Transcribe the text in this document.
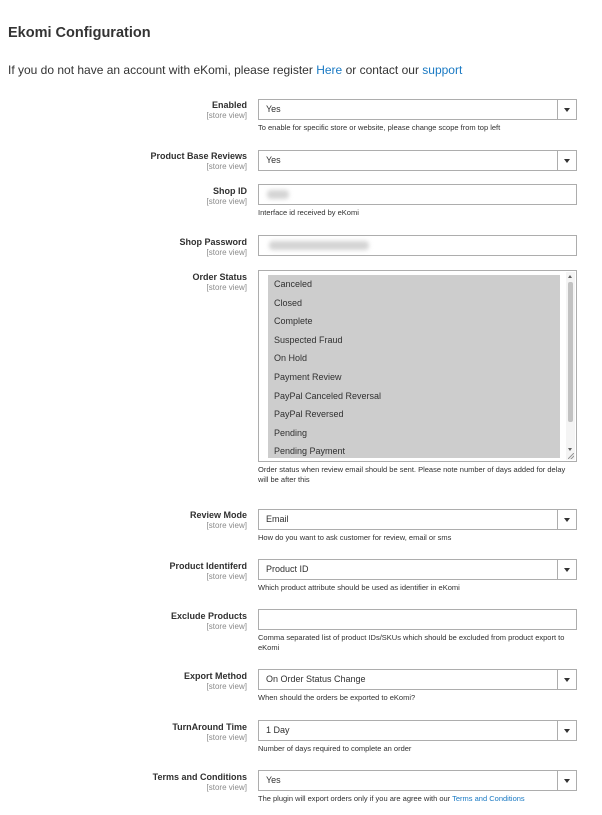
Ekomi Configuration
If you do not have an account with eKomi, please register Here or contact our support
Enabled
[store view]
Yes
To enable for specific store or website, please change scope from top left
Product Base Reviews
[store view]
Yes
Shop ID
[store view]
Interface id received by eKomi
Shop Password
[store view]
Order Status
[store view]	Canceled
Closed
Complete
Suspected Fraud
On Hold
Payment Review
PayPal Canceled Reversal
PayPal Reversed
Pending
Pending Payment
Order status when review email should be sent. Please note number of days added for delay will be after this
Review Mode
[store view]
Email
How do you want to ask customer for review, email or sms
Product Identiferd
[store view]
Product ID
Which product attribute should be used as identifier in eKomi
Exclude Products
[store view]
Comma separated list of product IDs/SKUs which should be excluded from product export to eKomi
Export Method
[store view]
On Order Status Change
When should the orders be exported to eKomi?
TurnAround Time
[store view]
1 Day
Number of days required to complete an order
Terms and Conditions
[store view]
Yes
The plugin will export orders only if you are agree with our Terms and Conditions
